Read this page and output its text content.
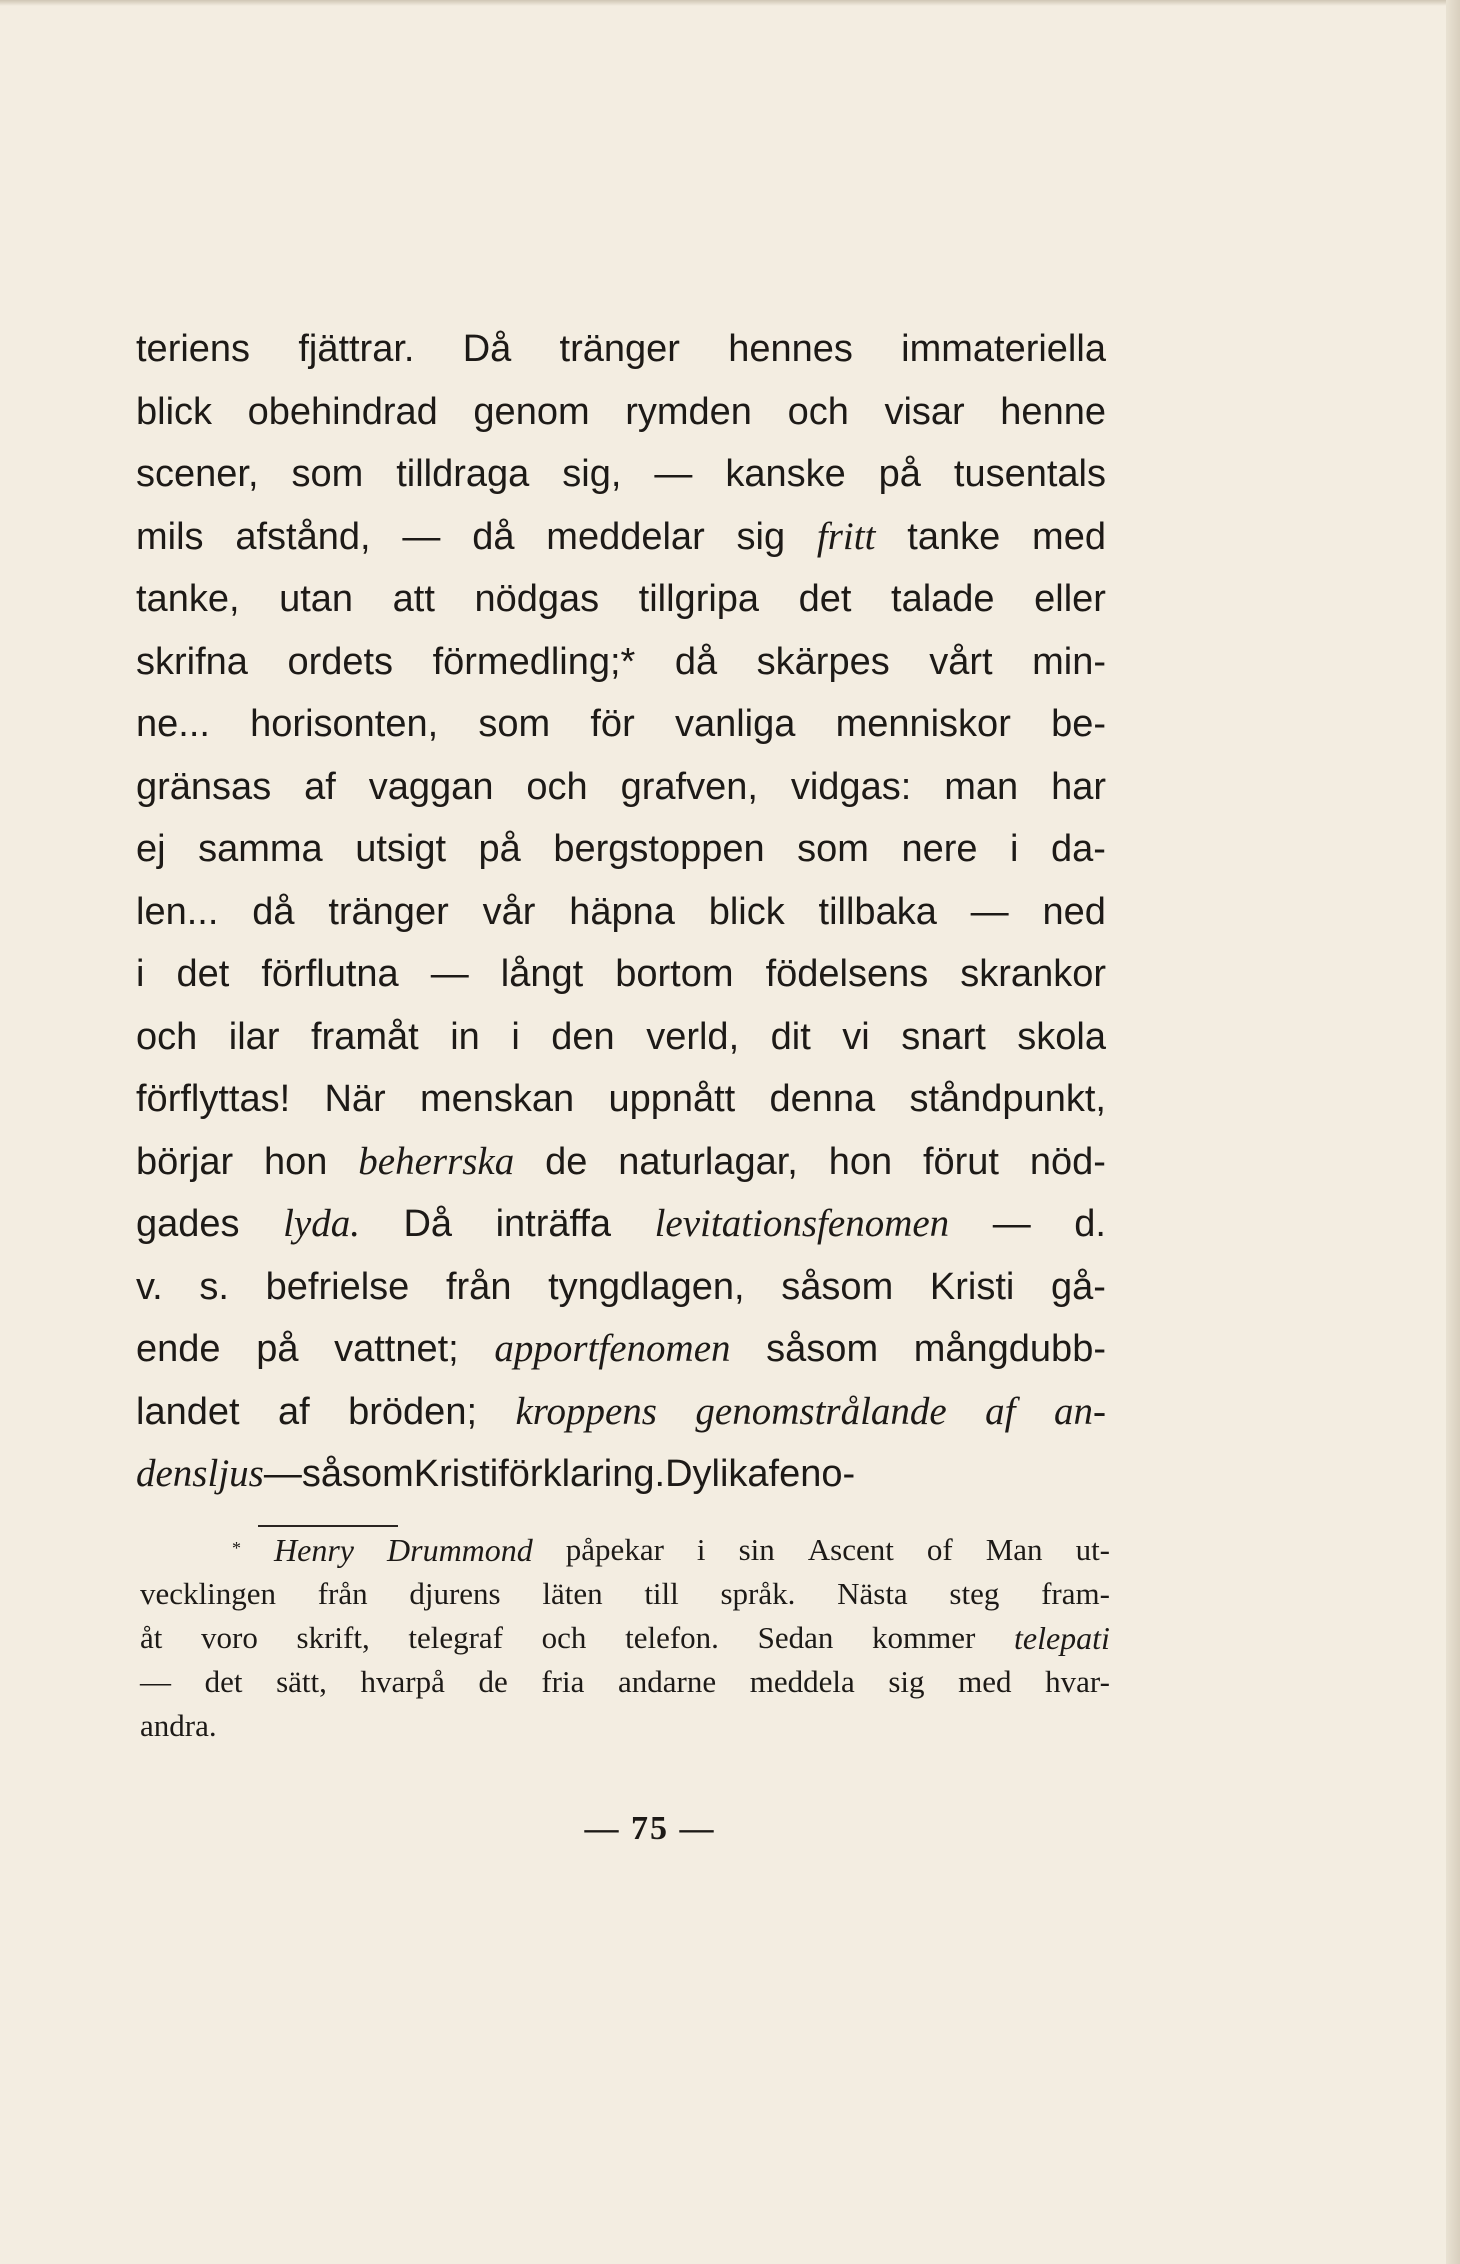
teriens fjättrar. Då tränger hennes immateriella
blick obehindrad genom rymden och visar henne
scener, som tilldraga sig, — kanske på tusentals
mils afstånd, — då meddelar sig fritt tanke med
tanke, utan att nödgas tillgripa det talade eller
skrifna ordets förmedling;* då skärpes vårt min-
ne... horisonten, som för vanliga menniskor be-
gränsas af vaggan och grafven, vidgas: man har
ej samma utsigt på bergstoppen som nere i da-
len... då tränger vår häpna blick tillbaka — ned
i det förflutna — långt bortom födelsens skrankor
och ilar framåt in i den verld, dit vi snart skola
förflyttas! När menskan uppnått denna ståndpunkt,
börjar hon beherrska de naturlagar, hon förut nöd-
gades lyda. Då inträffa levitationsfenomen — d.
v. s. befrielse från tyngdlagen, såsom Kristi gå-
ende på vattnet; apportfenomen såsom mångdubb-
landet af bröden; kroppens genomstrålande af an-
dens ljus — såsom Kristi förklaring. Dylika feno-
* Henry Drummond påpekar i sin Ascent of Man ut-
vecklingen från djurens läten till språk. Nästa steg fram-
åt voro skrift, telegraf och telefon. Sedan kommer telepati
— det sätt, hvarpå de fria andarne meddela sig med hvar-
andra.
— 75 —
